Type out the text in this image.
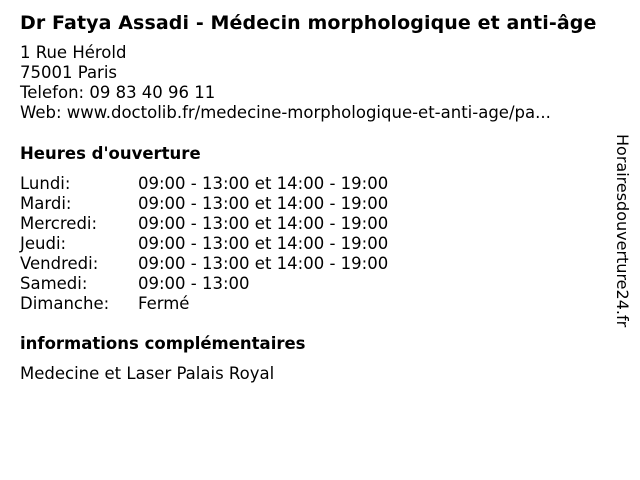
Dr Fatya Assadi - Médecin morphologique et anti-âge
1 Rue Hérold
75001 Paris
Telefon: 09 83 40 96 11
Web: www.doctolib.fr/medecine-morphologique-et-anti-age/pa...
Heures d'ouverture
Lundi:	09:00 - 13:00 et 14:00 - 19:00
Mardi:	09:00 - 13:00 et 14:00 - 19:00
Mercredi:	09:00 - 13:00 et 14:00 - 19:00
Jeudi:	09:00 - 13:00 et 14:00 - 19:00
Vendredi:	09:00 - 13:00 et 14:00 - 19:00
Samedi:	09:00 - 13:00
Dimanche:	Fermé
informations complémentaires
Medecine et Laser Palais Royal
Horairesdouverture24.fr
